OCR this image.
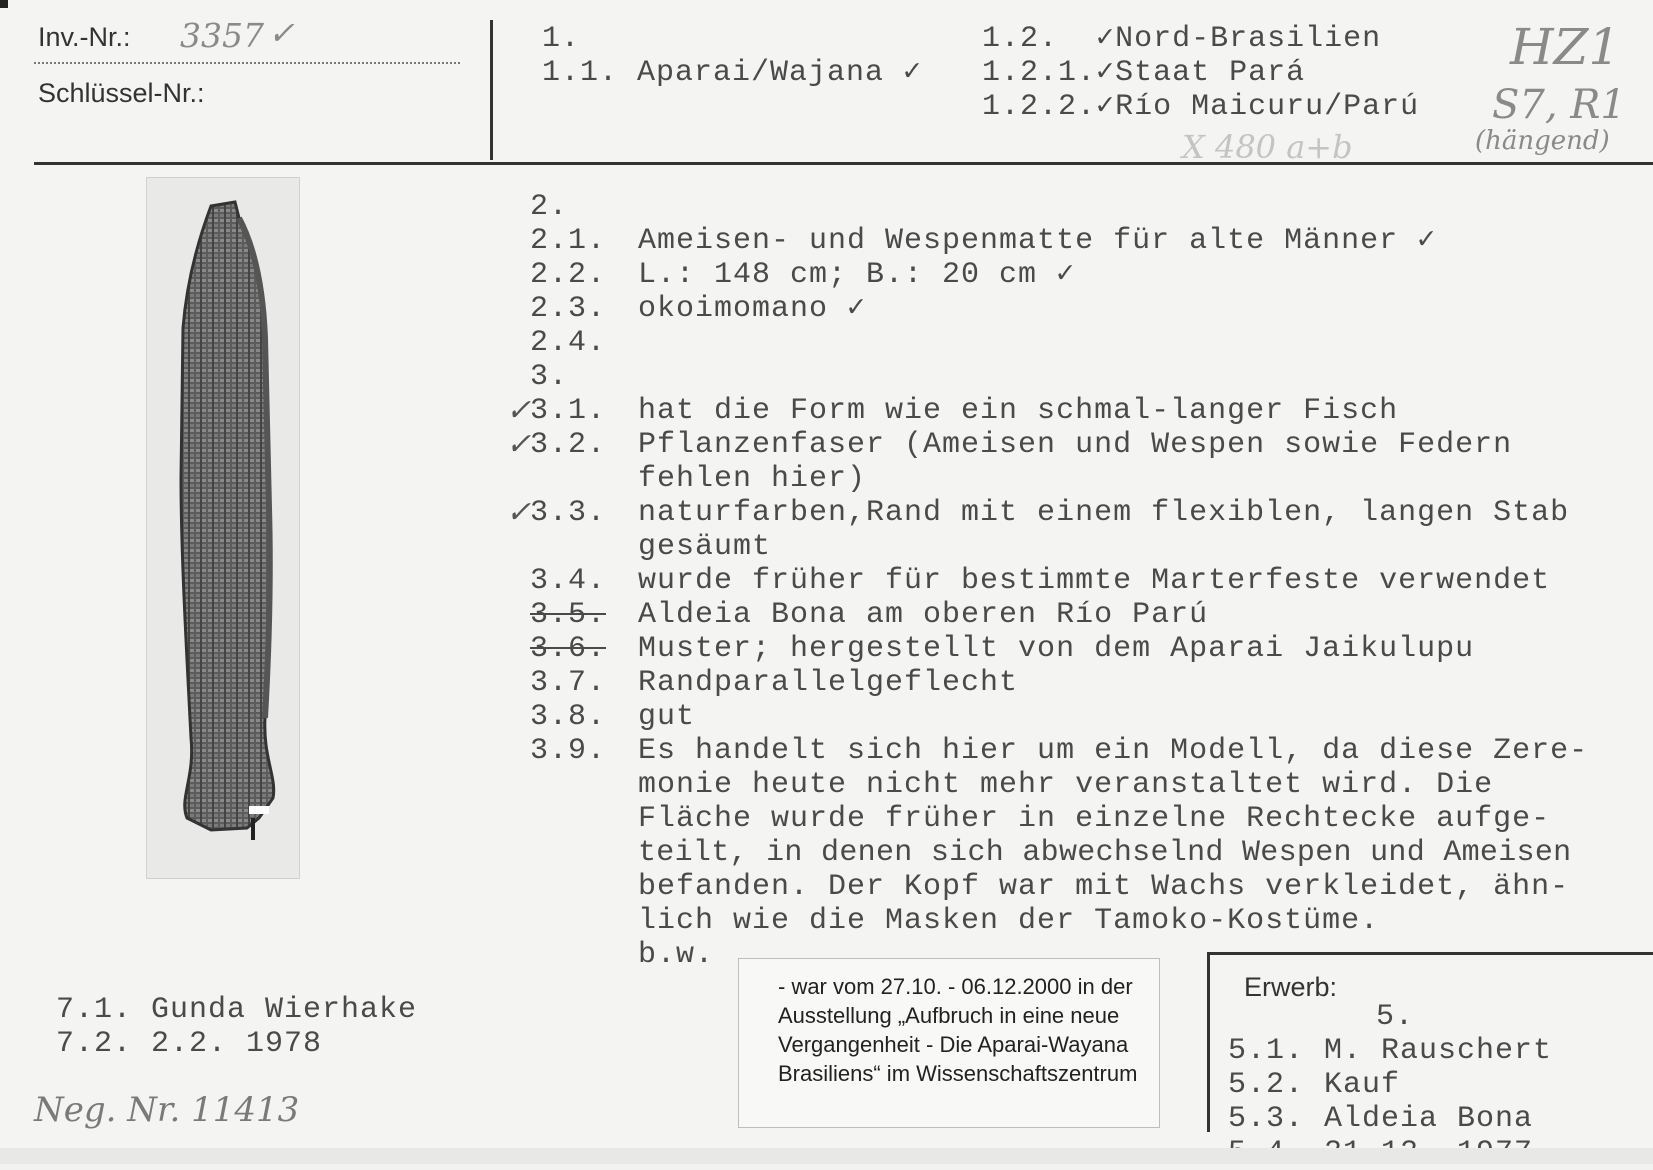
Inv.-Nr.: 3357 ✓
Schlüssel-Nr.:
1.
1.1. Aparai/Wajana ✓
1.2.  ✓Nord-Brasilien
1.2.1.✓Staat Pará
1.2.2.✓Río Maicuru/Parú
HZ1
S7, R1
(hängend)
X 480 a+b
2.
2.1.	Ameisen- und Wespenmatte für alte Männer ✓
2.2.	L.: 148 cm; B.: 20 cm ✓
2.3.	okoimomano ✓
2.4.
3.
✓
3.1.	hat die Form wie ein schmal-langer Fisch
✓
3.2.	Pflanzenfaser (Ameisen und Wespen sowie Federn
fehlen hier)
✓
3.3.	naturfarben,Rand mit einem flexiblen, langen Stab
gesäumt
3.4.	wurde früher für bestimmte Marterfeste verwendet
3.5.	Aldeia Bona am oberen Río Parú
3.6.	Muster; hergestellt von dem Aparai Jaikulupu
3.7.	Randparallelgeflecht
3.8.	gut
3.9.	Es handelt sich hier um ein Modell, da diese Zere-
monie heute nicht mehr veranstaltet wird. Die
Fläche wurde früher in einzelne Rechtecke aufge-
teilt, in denen sich abwechselnd Wespen und Ameisen
befanden. Der Kopf war mit Wachs verkleidet, ähn-
lich wie die Masken der Tamoko-Kostüme.
b.w.
7.1. Gunda Wierhake
7.2. 2.2. 1978
Neg. Nr. 11413
- war vom 27.10. - 06.12.2000 in der Ausstellung „Aufbruch in eine neue Vergangenheit - Die Aparai-Wayana Brasiliens“ im Wissenschaftszentrum
Erwerb:
5.
5.1. M. Rauschert
5.2. Kauf
5.3. Aldeia Bona
